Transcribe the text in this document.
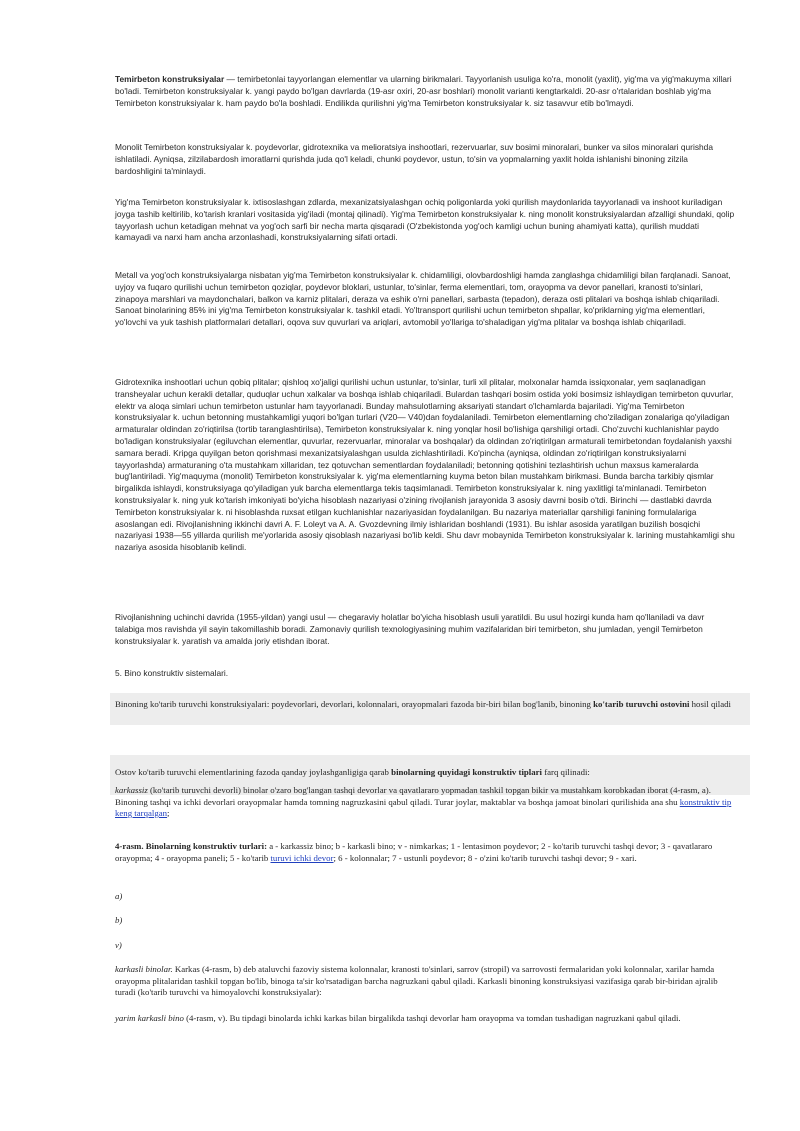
Temirbeton konstruksiyalar — temirbetonlai tayyorlangan elementlar va ularning birikmalari. Tayyorlanish usuliga ko'ra, monolit (yaxlit), yig'ma va yig'makuyma xillari bo'ladi. Temirbeton konstruksiyalar k. yangi paydo bo'lgan davrlarda (19-asr oxiri, 20-asr boshlari) monolit varianti kengtarkaldi. 20-asr o'rtalaridan boshlab yig'ma Temirbeton konstruksiyalar k. ham paydo bo'la boshladi. Endilikda qurilishni yig'ma Temirbeton konstruksiyalar k. siz tasavvur etib bo'lmaydi.

Monolit Temirbeton konstruksiyalar k. poydevorlar, gidrotexnika va melioratsiya inshootlari, rezervuarlar, suv bosimi minoralari, bunker va silos minoralari qurishda ishlatiladi. Ayniqsa, zilzilabardosh imoratlarni qurishda juda qo'l keladi, chunki poydevor, ustun, to'sin va yopmalarning yaxlit holda ishlanishi binoning zilzila bardoshligini ta'minlaydi.

Yig'ma Temirbeton konstruksiyalar k. ixtisoslashgan zdlarda, mexanizatsiyalashgan ochiq poligonlarda yoki qurilish maydonlarida tayyorlanadi va inshoot kuriladigan joyga tashib keltirilib, ko'tarish kranlari vositasida yig'iladi (montaj qilinadi). Yig'ma Temirbeton konstruksiyalar k. ning monolit konstruksiyalardan afzalligi shundaki, qolip tayyorlash uchun ketadigan mehnat va yog'och sarfi bir necha marta qisqaradi (O'zbekistonda yog'och kamligi uchun buning ahamiyati katta), qurilish muddati kamayadi va narxi ham ancha arzonlashadi, konstruksiyalarning sifati ortadi.

Metall va yog'och konstruksiyalarga nisbatan yig'ma Temirbeton konstruksiyalar k. chidamliligi, olovbardoshligi hamda zanglashga chidamliligi bilan farqlanadi. Sanoat, uyjoy va fuqaro qurilishi uchun temirbeton qoziqlar, poydevor bloklari, ustunlar, to'sinlar, ferma elementlari, tom, orayopma va devor panellari, kranosti to'sinlari, zinapoya marshlari va maydonchalari, balkon va karniz plitalari, deraza va eshik o'rni panellari, sarbasta (tepadon), deraza osti plitalari va boshqa ishlab chiqariladi. Sanoat binolarining 85% ini yig'ma Temirbeton konstruksiyalar k. tashkil etadi. Yo'ltransport qurilishi uchun temirbeton shpallar, ko'priklarning yig'ma elementlari, yo'lovchi va yuk tashish platformalari detallari, oqova suv quvurlari va ariqlari, avtomobil yo'llariga to'shaladigan yig'ma plitalar va boshqa ishlab chiqariladi.

Gidrotexnika inshootlari uchun qobiq plitalar; qishloq xo'jaligi qurilishi uchun ustunlar, to'sinlar, turli xil plitalar, molxonalar hamda issiqxonalar, yem saqlanadigan transheyalar uchun kerakli detallar, quduqlar uchun xalkalar va boshqa ishlab chiqariladi. Bulardan tashqari bosim ostida yoki bosimsiz ishlaydigan temirbeton quvurlar, elektr va aloqa simlari uchun temirbeton ustunlar ham tayyorlanadi. Bunday mahsulotlarning aksariyati standart o'lchamlarda bajariladi. Yig'ma Temirbeton konstruksiyalar k. uchun betonning mustahkamligi yuqori bo'lgan turlari (V20— V40)dan foydalaniladi. Temirbeton elementlarning cho'ziladigan zonalariga qo'yiladigan armaturalar oldindan zo'riqtirilsa (tortib taranglashtirilsa), Temirbeton konstruksiyalar k. ning yonqlar hosil bo'lishiga qarshiligi ortadi. Cho'zuvchi kuchlanishlar paydo bo'ladigan konstruksiyalar (egiluvchan elementlar, quvurlar, rezervuarlar, minoralar va boshqalar) da oldindan zo'riqtirilgan armaturali temirbetondan foydalanish yaxshi samara beradi. Kripga quyilgan beton qorishmasi mexanizatsiyalashgan usulda zichlashtiriladi. Ko'pincha (ayniqsa, oldindan zo'riqtirilgan konstruksiyalarni tayyorlashda) armaturaning o'ta mustahkam xillaridan, tez qotuvchan sementlardan foydalaniladi; betonning qotishini tezlashtirish uchun maxsus kameralarda bug'lantiriladi. Yig'maquyma (monolit) Temirbeton konstruksiyalar k. yig'ma elementlarning kuyma beton bilan mustahkam birikmasi. Bunda barcha tarkibiy qismlar birgalikda ishlaydi, konstruksiyaga qo'yiladigan yuk barcha elementlarga tekis taqsimlanadi. Temirbeton konstruksiyalar k. ning yaxlitligi ta'minlanadi. Temirbeton konstruksiyalar k. ning yuk ko'tarish imkoniyati bo'yicha hisoblash nazariyasi o'zining rivojlanish jarayonida 3 asosiy davrni bosib o'tdi. Birinchi — dastlabki davrda Temirbeton konstruksiyalar k. ni hisoblashda ruxsat etilgan kuchlanishlar nazariyasidan foydalanilgan. Bu nazariya materiallar qarshiligi fanining formulalariga asoslangan edi. Rivojlanishning ikkinchi davri A. F. Loleyt va A. A. Gvozdevning ilmiy ishlaridan boshlandi (1931). Bu ishlar asosida yaratilgan buzilish bosqichi nazariyasi 1938—55 yillarda qurilish me'yorlarida asosiy qisoblash nazariyasi bo'lib keldi. Shu davr mobaynida Temirbeton konstruksiyalar k. larining mustahkamligi shu nazariya asosida hisoblanib kelindi.

Rivojlanishning uchinchi davrida (1955-yildan) yangi usul — chegaraviy holatlar bo'yicha hisoblash usuli yaratildi. Bu usul hozirgi kunda ham qo'llaniladi va davr talabiga mos ravishda yil sayin takomillashib boradi. Zamonaviy qurilish texnologiyasining muhim vazifalaridan biri temirbeton, shu jumladan, yengil Temirbeton konstruksiyalar k. yaratish va amalda joriy etishdan iborat.

5. Bino konstruktiv sistemalari.

Binoning ko'tarib turuvchi konstruksiyalari: poydevorlari, devorlari, kolonnalari, orayopmalari fazoda bir-biri bilan bog'lanib, binoning ko'tarib turuvchi ostovini hosil qiladi

Ostov ko'tarib turuvchi elementlarining fazoda qanday joylashganligiga qarab binolarning quyidagi konstruktiv tiplari farq qilinadi:

karkassiz (ko'tarib turuvchi devorli) binolar o'zaro bog'langan tashqi devorlar va qavatlararo yopmadan tashkil topgan bikir va mustahkam korobkadan iborat (4-rasm, a). Binoning tashqi va ichki devorlari orayopmalar hamda tomning nagruzkasini qabul qiladi. Turar joylar, maktablar va boshqa jamoat binolari qurilishida ana shu konstruktiv tip keng tarqalgan;

4-rasm. Binolarning konstruktiv turlari: a - karkassiz bino; b - karkasli bino; v - nimkarkas; 1 - lentasimon poydevor; 2 - ko'tarib turuvchi tashqi devor; 3 - qavatlararo orayopma; 4 - orayopma paneli; 5 - ko'tarib turuvi ichki devor; 6 - kolonnalar; 7 - ustunli poydevor; 8 - o'zini ko'tarib turuvchi tashqi devor; 9 - xari.

a)

b)

v)

karkasli binolar. Karkas (4-rasm, b) deb ataluvchi fazoviy sistema kolonnalar, kranosti to'sinlari, sarrov (stropil) va sarrovosti fermalaridan yoki kolonnalar, xarilar hamda orayopma plitalaridan tashkil topgan bo'lib, binoga ta'sir ko'rsatadigan barcha nagruzkani qabul qiladi. Karkasli binoning konstruksiyasi vazifasiga qarab bir-biridan ajralib turadi (ko'tarib turuvchi va himoyalovchi konstruksiyalar):

yarim karkasli bino (4-rasm, v). Bu tipdagi binolarda ichki karkas bilan birgalikda tashqi devorlar ham orayopma va tomdan tushadigan nagruzkani qabul qiladi.
